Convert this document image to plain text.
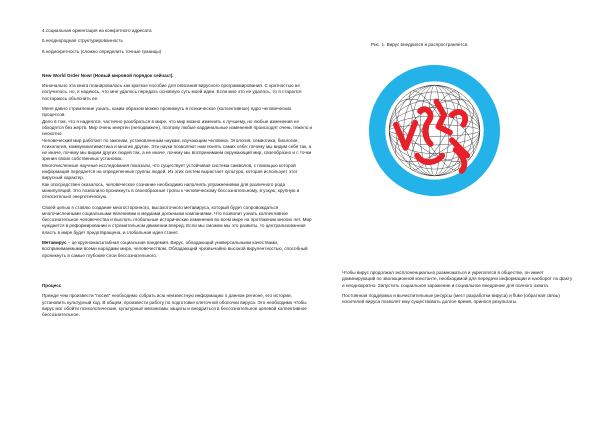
4.социальная ориентация на конкретного адресата

5.неоднородная структурированность

6.недискретность (сложно определить точные границы)

New World Order Now! (Новый мировой порядок сейчас!).

Изначально эта книга планировалась как краткое пособие для описания вирусного программирования. С кратностью не получилось, но, я надеюсь, что мне удалось передать основную суть моей идеи. Если мне это не удалось, то я старался постараюсь объяснить ее.

Меня давно стремление узнать, каким образом можно проникнуть в психическое (коллективное) ядро человеческих процессов.

Дело в том, что я надеялся, частично разобраться в мире, что мир можно изменить к лучшему, но любые изменения не обходятся без жертв. Мир очень инертен (неподвижен), поэтому любые кардинальные изменения происходят очень тяжело и неохотно.

Человеческий мир работает по законам, установленным наукам, изучающим человека. Этология, семиотика, биология, психология, коммуникативистика и многие другие. Эти науки позволяют нам понять самих себя: почему мы видим себя так, а не иначе, почему мы видим других людей так, а не иначе, почему мы воспринимаем окружающий мир, своеобразно и с точки зрения своих собственных установок.

Многочисленные научные исследования показали, что существует устойчивая система символов, с помощью которой информация передается на определенные группы людей. Из этих систем вырастает культура, которая использует этот вирусный характер.

Как опосредствен оказалось, человеческое сознание необходимо наполнять упражнениями для различного рода манипуляций. Это позволило проникнуть в своеобразные тропы к человеческому бессознательному, в узкую, крупную и относительно энергетическую.

Своей целью я ставлю создание многосторонного, высокоточного метавируса, который будет сопровождаться многочисленными социальными явлениями и медиами должными компаниями. Что позволит узнать коллективное бессознательное человечества и выслать глобальные исторические изменения во всем мире на протяжении многих лет. Мир нуждается в реформировании и стремительном движении вперед. Если мы сможем мы это развиты, то централизованная власть в мире будет предотвращена, и глобальная идея станет.

Метавирус – це крупномасштабная социальная пандемия. Вирус, обладающий универсальными качествами, воспринимаемыми всеми народами мира, человечеством. Обладающий чрезвычайно высокой вирулентностью, способный проникнуть в самые глубокие слои бессознательного.

Процесс

Прежде чем произвести "посев" необходимо собрать всю неизвестную информацию о данном регионе, его истории, установить культурный код. В общем, произвести работу по подготовке клеточной оболочки вируса. Это необходимо чтобы вирус мог обойти психологические, культурные механизмы защиты и внедриться в бессознательное целевой коллективное бессознательное.

Рис. 1. Вирус внедрился и распространяется.

Чтобы вирус продолжал эксплоненциально размножаться и укреплялся в обществе, он имеет доминирующий по эволюционной константе, необходимой для передачи информации и наоборот по факту и неоднократно. Запустить социальное заражение и социальное внедрение для полного охвата.

Постоянная поддержка и вычислительные ресурсы (мест разработки вируса) и fluke (обратная связь) носителей вируса позволят ему существовать долгое время, принося результаты.
